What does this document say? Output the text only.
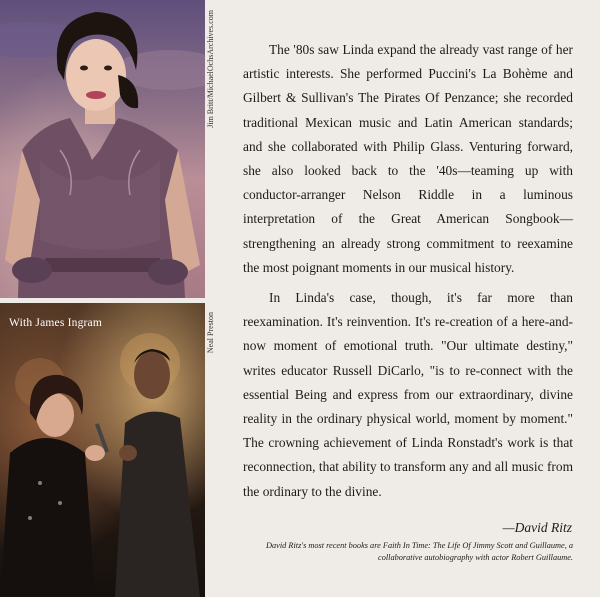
Jim Britt/MichaelOchsArchives.com
With James Ingram	Neal Preston

The '80s saw Linda expand the already vast range of her artistic interests. She performed Puccini's La Bohème and Gilbert & Sullivan's The Pirates Of Penzance; she recorded traditional Mexican music and Latin American standards; and she collaborated with Philip Glass. Venturing forward, she also looked back to the '40s—teaming up with conductor-arranger Nelson Riddle in a luminous interpretation of the Great American Songbook—strengthening an already strong commitment to reexamine the most poignant moments in our musical history.

In Linda's case, though, it's far more than reexamination. It's reinvention. It's re-creation of a here-and-now moment of emotional truth. "Our ultimate destiny," writes educator Russell DiCarlo, "is to re-connect with the essential Being and express from our extraordinary, divine reality in the ordinary physical world, moment by moment." The crowning achievement of Linda Ronstadt's work is that reconnection, that ability to transform any and all music from the ordinary to the divine.

—David Ritz
David Ritz's most recent books are Faith In Time: The Life Of Jimmy Scott and Guillaume, a collaborative autobiography with actor Robert Guillaume.
